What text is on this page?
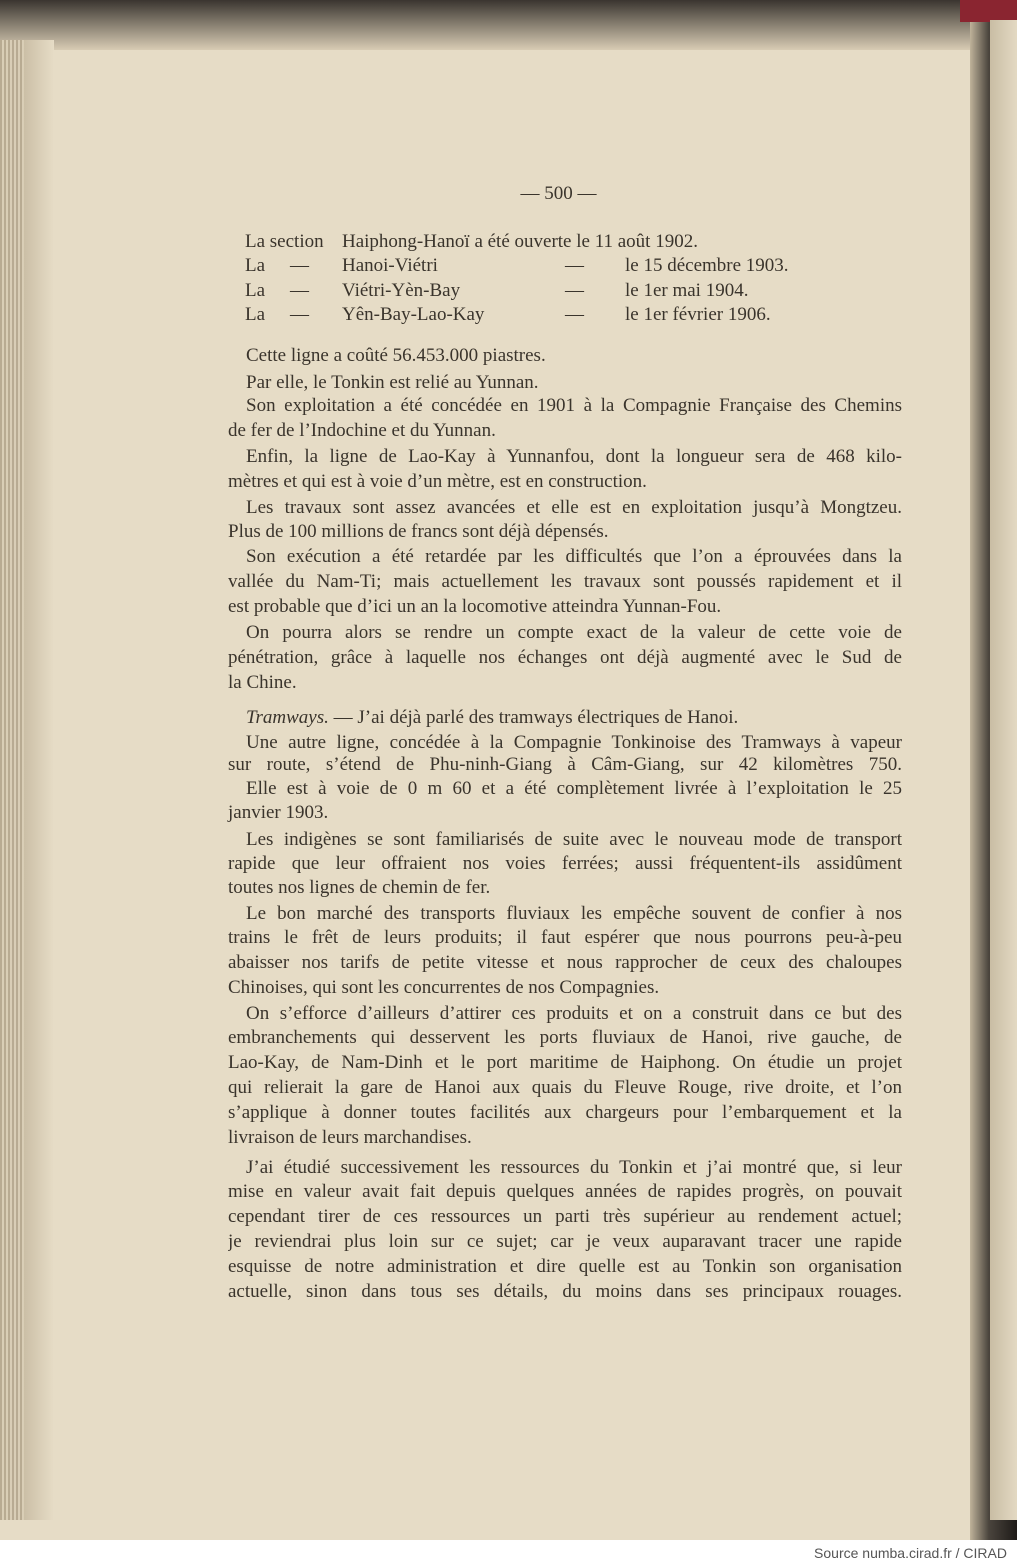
— 500 —
La section Haiphong-Hanoï a été ouverte le 11 août 1902.
La — Hanoi-Viétri	— le 15 décembre 1903.
La — Viétri-Yèn-Bay	— le 1er mai 1904.
La — Yên-Bay-Lao-Kay	— le 1er février 1906.
Cette ligne a coûté 56.453.000 piastres.
Par elle, le Tonkin est relié au Yunnan.
Son exploitation a été concédée en 1901 à la Compagnie Française des Chemins
de fer de l’Indochine et du Yunnan.
Enfin, la ligne de Lao-Kay à Yunnanfou, dont la longueur sera de 468 kilo-
mètres et qui est à voie d’un mètre, est en construction.
Les travaux sont assez avancées et elle est en exploitation jusqu’à Mongtzeu.
Plus de 100 millions de francs sont déjà dépensés.
Son exécution a été retardée par les difficultés que l’on a éprouvées dans la
vallée du Nam-Ti; mais actuellement les travaux sont poussés rapidement et il
est probable que d’ici un an la locomotive atteindra Yunnan-Fou.
On pourra alors se rendre un compte exact de la valeur de cette voie de
pénétration, grâce à laquelle nos échanges ont déjà augmenté avec le Sud de
la Chine.
Tramways. — J’ai déjà parlé des tramways électriques de Hanoi.
Une autre ligne, concédée à la Compagnie Tonkinoise des Tramways à vapeur
sur route, s’étend de Phu-ninh-Giang à Câm-Giang, sur 42 kilomètres 750.
Elle est à voie de 0 m 60 et a été complètement livrée à l’exploitation le 25
janvier 1903.
Les indigènes se sont familiarisés de suite avec le nouveau mode de transport
rapide que leur offraient nos voies ferrées; aussi fréquentent-ils assidûment
toutes nos lignes de chemin de fer.
Le bon marché des transports fluviaux les empêche souvent de confier à nos
trains le frêt de leurs produits; il faut espérer que nous pourrons peu-à-peu
abaisser nos tarifs de petite vitesse et nous rapprocher de ceux des chaloupes
Chinoises, qui sont les concurrentes de nos Compagnies.
On s’efforce d’ailleurs d’attirer ces produits et on a construit dans ce but des
embranchements qui desservent les ports fluviaux de Hanoi, rive gauche, de
Lao-Kay, de Nam-Dinh et le port maritime de Haiphong. On étudie un projet
qui relierait la gare de Hanoi aux quais du Fleuve Rouge, rive droite, et l’on
s’applique à donner toutes facilités aux chargeurs pour l’embarquement et la
livraison de leurs marchandises.
J’ai étudié successivement les ressources du Tonkin et j’ai montré que, si leur
mise en valeur avait fait depuis quelques années de rapides progrès, on pouvait
cependant tirer de ces ressources un parti très supérieur au rendement actuel;
je reviendrai plus loin sur ce sujet; car je veux auparavant tracer une rapide
esquisse de notre administration et dire quelle est au Tonkin son organisation
actuelle, sinon dans tous ses détails, du moins dans ses principaux rouages.
Source numba.cirad.fr / CIRAD
